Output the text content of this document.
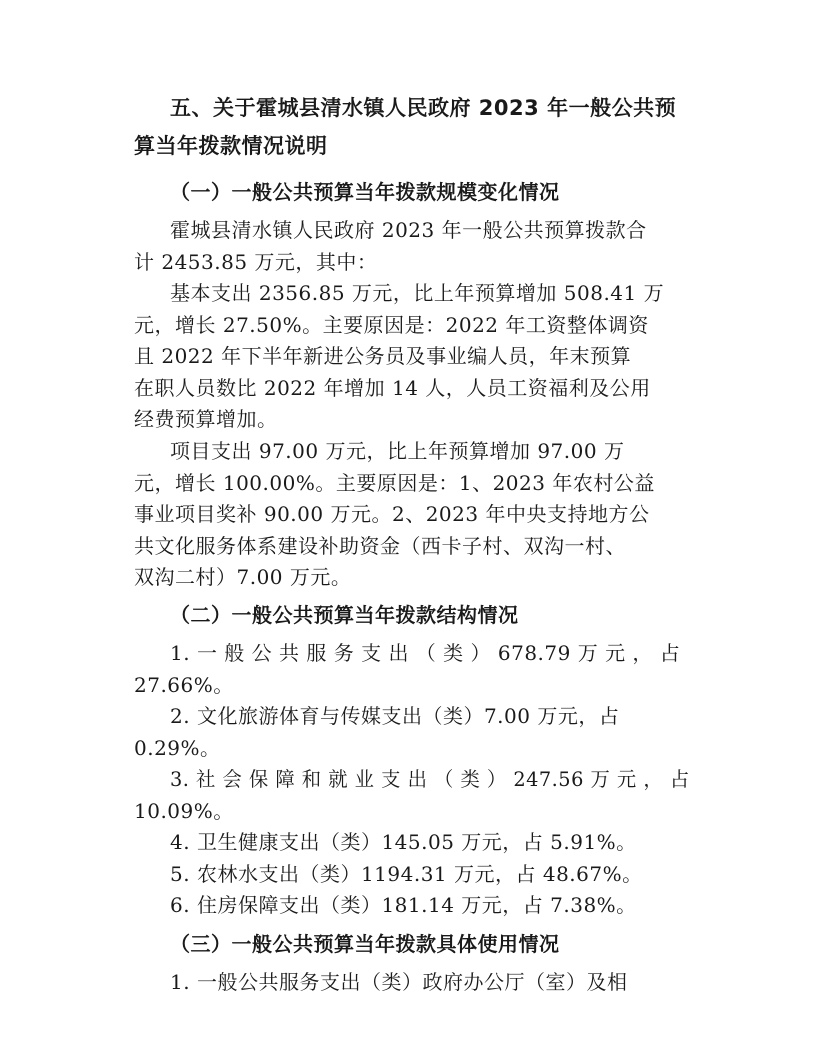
五、关于霍城县清水镇人民政府 2023 年一般公共预
算当年拨款情况说明
（一）一般公共预算当年拨款规模变化情况
霍城县清水镇人民政府 2023 年一般公共预算拨款合
计 2453.85 万元，其中：
基本支出 2356.85 万元，比上年预算增加 508.41 万
元，增长 27.50%。主要原因是：2022 年工资整体调资
且 2022 年下半年新进公务员及事业编人员，年末预算
在职人员数比 2022 年增加 14 人，人员工资福利及公用
经费预算增加。
项目支出 97.00 万元，比上年预算增加 97.00 万
元，增长 100.00%。主要原因是：1、2023 年农村公益
事业项目奖补 90.00 万元。2、2023 年中央支持地方公
共文化服务体系建设补助资金（西卡子村、双沟一村、
双沟二村）7.00 万元。
（二）一般公共预算当年拨款结构情况
1. 一 般 公 共 服 务 支 出 （ 类 ） 678.79 万 元 ， 占
27.66%。
2. 文化旅游体育与传媒支出（类）7.00 万元，占
0.29%。
3. 社 会 保 障 和 就 业 支 出 （ 类 ） 247.56 万 元 ， 占
10.09%。
4. 卫生健康支出（类）145.05 万元，占 5.91%。
5. 农林水支出（类）1194.31 万元，占 48.67%。
6. 住房保障支出（类）181.14 万元，占 7.38%。
（三）一般公共预算当年拨款具体使用情况
1. 一般公共服务支出（类）政府办公厅（室）及相
